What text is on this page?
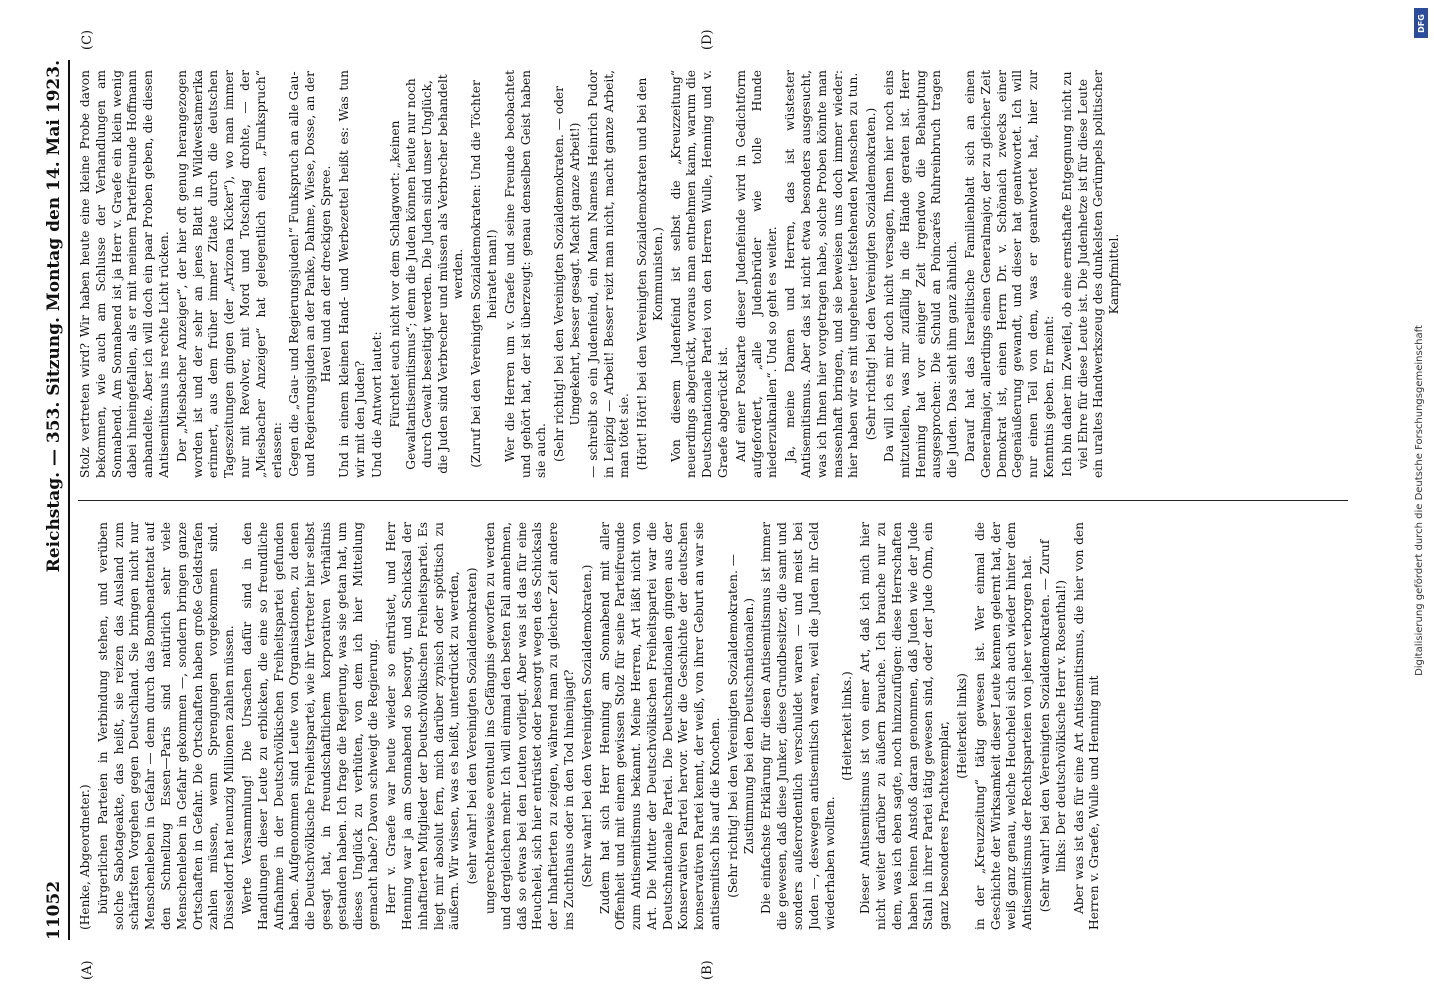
11052
Reichstag. — 353. Sitzung. Montag den 14. Mai 1923.

(Henke, Abgeordneter.) bürgerlichen Parteien in Verbindung stehen, und verüben solche Sabotageakte, das heißt, sie reizen das Ausland zum schärfsten Vorgehen gegen Deutschland. Sie bringen nicht nur Menschenleben in Gefahr — denn durch das Bombenattentat auf den Schnellzug Essen—Paris sind natürlich sehr viele Menschenleben in Gefahr gekommen —, sondern bringen ganze Ortschaften in Gefahr. Die Ortschaften haben große Geldstrafen zahlen müssen, wenn Sprengungen vorgekommen sind. Düsseldorf hat neunzig Millionen zahlen müssen. Werte Versammlung! Die Ursachen dafür sind in den Handlungen dieser Leute zu erblicken, die eine so freundliche Aufnahme in der Deutschvölkischen Freiheitspartei gefunden haben. Aufgenommen sind Leute von Organisationen, zu denen die Deutschvölkische Freiheitspartei, wie ihr Vertreter hier selbst gesagt hat, in freundschaftlichem korporativen Verhältnis gestanden haben. Ich frage die Regierung, was sie getan hat, um dieses Unglück zu verhüten, von dem ich hier Mitteilung gemacht habe? Davon schweigt die Regierung. Herr v. Graefe war heute wieder so entrüstet, und Herr Henning war ja am Sonnabend so besorgt, und Schicksal der inhaftierten Mitglieder der Deutschvölkischen Freiheitspartei. Es liegt mir absolut fern, mich darüber zynisch oder spöttisch zu äußern. Wir wissen, was es heißt, unterdrückt zu werden, (sehr wahr! bei den Vereinigten Sozialdemokraten) ungerechterweise eventuell ins Gefängnis geworfen zu werden und dergleichen mehr. Ich will einmal den besten Fall annehmen, daß so etwas bei den Leuten vorliegt. Aber was ist das für eine Heuchelei, sich hier entrüstet oder besorgt wegen des Schicksals der Inhaftierten zu zeigen, während man zu gleicher Zeit andere ins Zuchthaus oder in den Tod hineinjagt? (Sehr wahr! bei den Vereinigten Sozialdemokraten.) Zudem hat sich Herr Henning am Sonnabend mit aller Offenheit und mit einem gewissen Stolz für seine Parteifreunde zum Antisemitismus bekannt. Meine Herren, Art läßt nicht von Art. Die Mutter der Deutschvölkischen Freiheitspartei war die Deutschnationale Partei. Die Deutschnationalen gingen aus der Konservativen Partei hervor. Wer die Geschichte der deutschen konservativen Partei kennt, der weiß, von ihrer Geburt an war sie antisemitisch bis auf die Knochen. (Sehr richtig! bei den Vereinigten Sozialdemokraten. — Zustimmung bei den Deutschnationalen.) Die einfachste Erklärung für diesen Antisemitismus ist immer die gewesen, daß diese Junker, diese Grundbesitzer, die samt und sonders außerordentlich verschuldet waren — und meist bei Juden —, deswegen antisemitisch waren, weil die Juden ihr Geld wiederhaben wollten.

(Heiterkeit links.) Dieser Antisemitismus ist von einer Art, daß ich mich hier nicht weiter darüber zu äußern brauche. Ich brauche nur zu dem, was ich eben sagte, noch hinzuzufügen: diese Herrschaften haben keinen Anstoß daran genommen, daß Juden wie der Jude Stahl in ihrer Partei tätig gewesen sind, oder der Jude Ohm, ein ganz besonderes Prachtexemplar, (Heiterkeit links) in der „Kreuzzeitung“ tätig gewesen ist. Wer einmal die Geschichte der Wirksamkeit dieser Leute kennen gelernt hat, der weiß ganz genau, welche Heuchelei sich auch wieder hinter dem Antisemitismus der Rechtsparteien von jeher verborgen hat. (Sehr wahr! bei den Vereinigten Sozialdemokraten. — Zuruf links: Der deutschvölkische Herr v. Rosenthal!) Aber was ist das für eine Art Antisemitismus, die hier von den Herren v. Graefe, Wulle und Henning mit

Stolz vertreten wird? Wir haben heute eine kleine Probe davon bekommen, wie auch am Schlusse der Verhandlungen am Sonnabend. Am Sonnabend ist ja Herr v. Graefe ein klein wenig dabei hineingefallen, als er mit meinem Parteifreunde Hoffmann anbandelte. Aber ich will doch ein paar Proben geben, die diesen Antisemitismus ins rechte Licht rücken. Der „Miesbacher Anzeiger“, der hier oft genug herangezogen worden ist und der sehr an jenes Blatt in Wildwestamerika erinnert, aus dem früher immer Zitate durch die deutschen Tageszeitungen gingen (der „Arizona Kicker“), wo man immer nur mit Revolver, mit Mord und Totschlag drohte, — der „Miesbacher Anzeiger“ hat gelegentlich einen „Funkspruch“ erlassen: Gegen die „Gau- und Regierungsjuden!“ Funkspruch an alle Gau- und Regierungsjuden an der Panke, Dahme, Wiese, Dosse, an der Havel und an der dreckigen Spree. Und in einem kleinen Hand- und Werbezettel heißt es: Was tun wir mit den Juden? Und die Antwort lautet: Fürchtet euch nicht vor dem Schlagwort: „keinen Gewaltantisemitismus“; denn die Juden können heute nur noch durch Gewalt beseitigt werden. Die Juden sind unser Unglück, die Juden sind Verbrecher und müssen als Verbrecher behandelt werden. (Zuruf bei den Vereinigten Sozialdemokraten: Und die Töchter heiratet man!) Wer die Herren um v. Graefe und seine Freunde beobachtet und gehört hat, der ist überzeugt: genau denselben Geist haben sie auch. (Sehr richtig! bei den Vereinigten Sozialdemokraten. — oder Umgekehrt, besser gesagt. Macht ganze Arbeit!) — schreibt so ein Judenfeind, ein Mann Namens Heinrich Pudor in Leipzig — Arbeit! Besser reizt man nicht, macht ganze Arbeit, man tötet sie. (Hört! Hört! bei den Vereinigten Sozialdemokraten und bei den Kommunisten.) Von diesem Judenfeind ist selbst die „Kreuzzeitung“ neuerdings abgerückt, woraus man entnehmen kann, warum die Deutschnationale Partei von den Herren Wulle, Henning und v. Graefe abgerückt ist. Auf einer Postkarte dieser Judenfeinde wird in Gedichtform aufgefordert, „alle Judenbrüder wie tolle Hunde niederzuknallen“. Und so geht es weiter. Ja, meine Damen und Herren, das ist wüstester Antisemitismus. Aber das ist nicht etwa besonders ausgesucht, was ich Ihnen hier vorgetragen habe, solche Proben könnte man massenhaft bringen, und sie beweisen uns doch immer wieder: hier haben wir es mit ungeheuer tiefstehenden Menschen zu tun. (Sehr richtig! bei den Vereinigten Sozialdemokraten.) Da will ich es mir doch nicht versagen, Ihnen hier noch eins mitzuteilen, was mir zufällig in die Hände geraten ist. Herr Henning hat vor einiger Zeit irgendwo die Behauptung ausgesprochen: Die Schuld an Poincarés Ruhreinbruch tragen die Juden. Das sieht ihm ganz ähnlich. Darauf hat das Israelitische Familienblatt sich an einen Generalmajor, allerdings einen Generalmajor, der zu gleicher Zeit Demokrat ist, einen Herrn Dr. v. Schönaich zwecks einer Gegenäußerung gewandt, und dieser hat geantwortet. Ich will nur einen Teil von dem, was er geantwortet hat, hier zur Kenntnis geben. Er meint: Ich bin daher im Zweifel, ob eine ernsthafte Entgegnung nicht zu viel Ehre für diese Leute ist. Die Judenhetze ist für diese Leute ein uraltes Handwerkszeug des dunkelsten Gerümpels politischer Kampfmittel.

(A)	(B)
(C)	(D)
DFG
Digitalisierung gefördert durch die Deutsche Forschungsgemeinschaft
